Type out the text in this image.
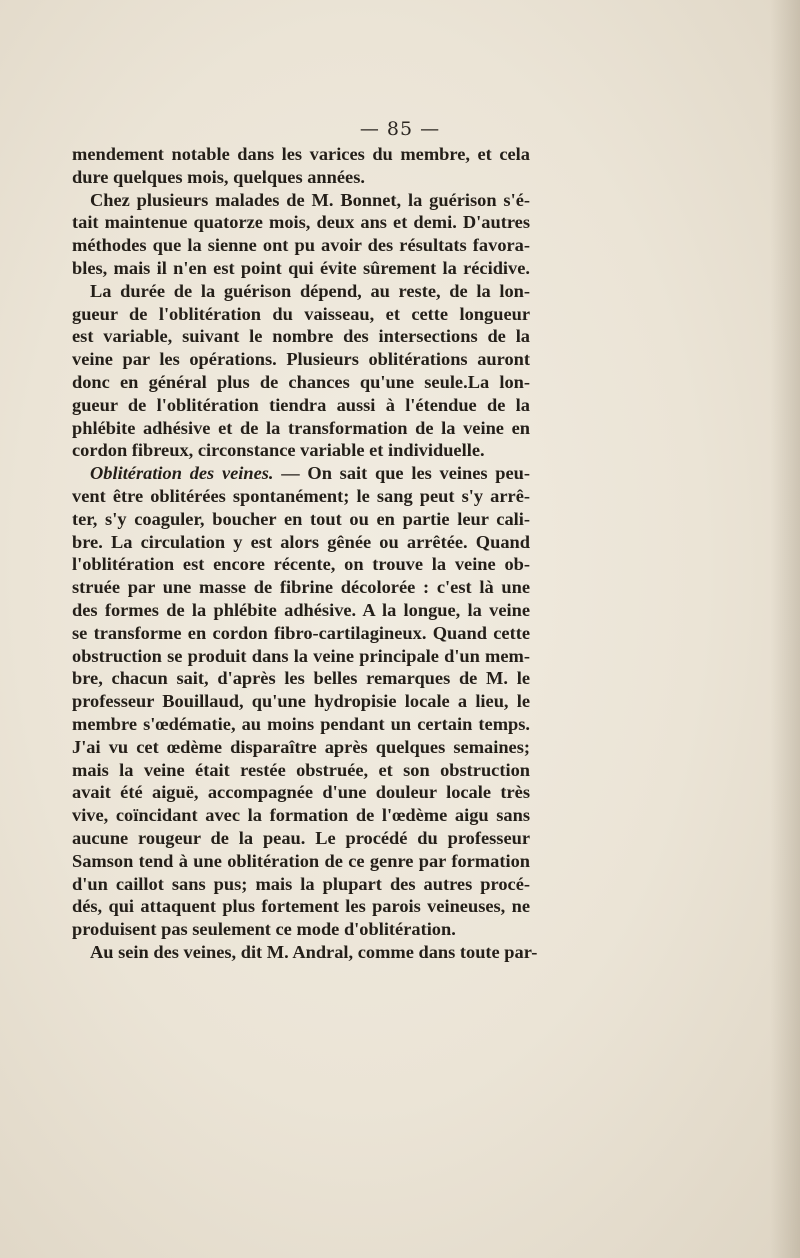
— 85 —
mendement notable dans les varices du membre, et cela
dure quelques mois, quelques années.
Chez plusieurs malades de M. Bonnet, la guérison s'é-
tait maintenue quatorze mois, deux ans et demi. D'autres
méthodes que la sienne ont pu avoir des résultats favora-
bles, mais il n'en est point qui évite sûrement la récidive.
La durée de la guérison dépend, au reste, de la lon-
gueur de l'oblitération du vaisseau, et cette longueur
est variable, suivant le nombre des intersections de la
veine par les opérations. Plusieurs oblitérations auront
donc en général plus de chances qu'une seule.La lon-
gueur de l'oblitération tiendra aussi à l'étendue de la
phlébite adhésive et de la transformation de la veine en
cordon fibreux, circonstance variable et individuelle.
Oblitération des veines. — On sait que les veines peu-
vent être oblitérées spontanément; le sang peut s'y arrê-
ter, s'y coaguler, boucher en tout ou en partie leur cali-
bre. La circulation y est alors gênée ou arrêtée. Quand
l'oblitération est encore récente, on trouve la veine ob-
struée par une masse de fibrine décolorée : c'est là une
des formes de la phlébite adhésive. A la longue, la veine
se transforme en cordon fibro-cartilagineux. Quand cette
obstruction se produit dans la veine principale d'un mem-
bre, chacun sait, d'après les belles remarques de M. le
professeur Bouillaud, qu'une hydropisie locale a lieu, le
membre s'œdématie, au moins pendant un certain temps.
J'ai vu cet œdème disparaître après quelques semaines;
mais la veine était restée obstruée, et son obstruction
avait été aiguë, accompagnée d'une douleur locale très
vive, coïncidant avec la formation de l'œdème aigu sans
aucune rougeur de la peau. Le procédé du professeur
Samson tend à une oblitération de ce genre par formation
d'un caillot sans pus; mais la plupart des autres procé-
dés, qui attaquent plus fortement les parois veineuses, ne
produisent pas seulement ce mode d'oblitération.
Au sein des veines, dit M. Andral, comme dans toute par-
